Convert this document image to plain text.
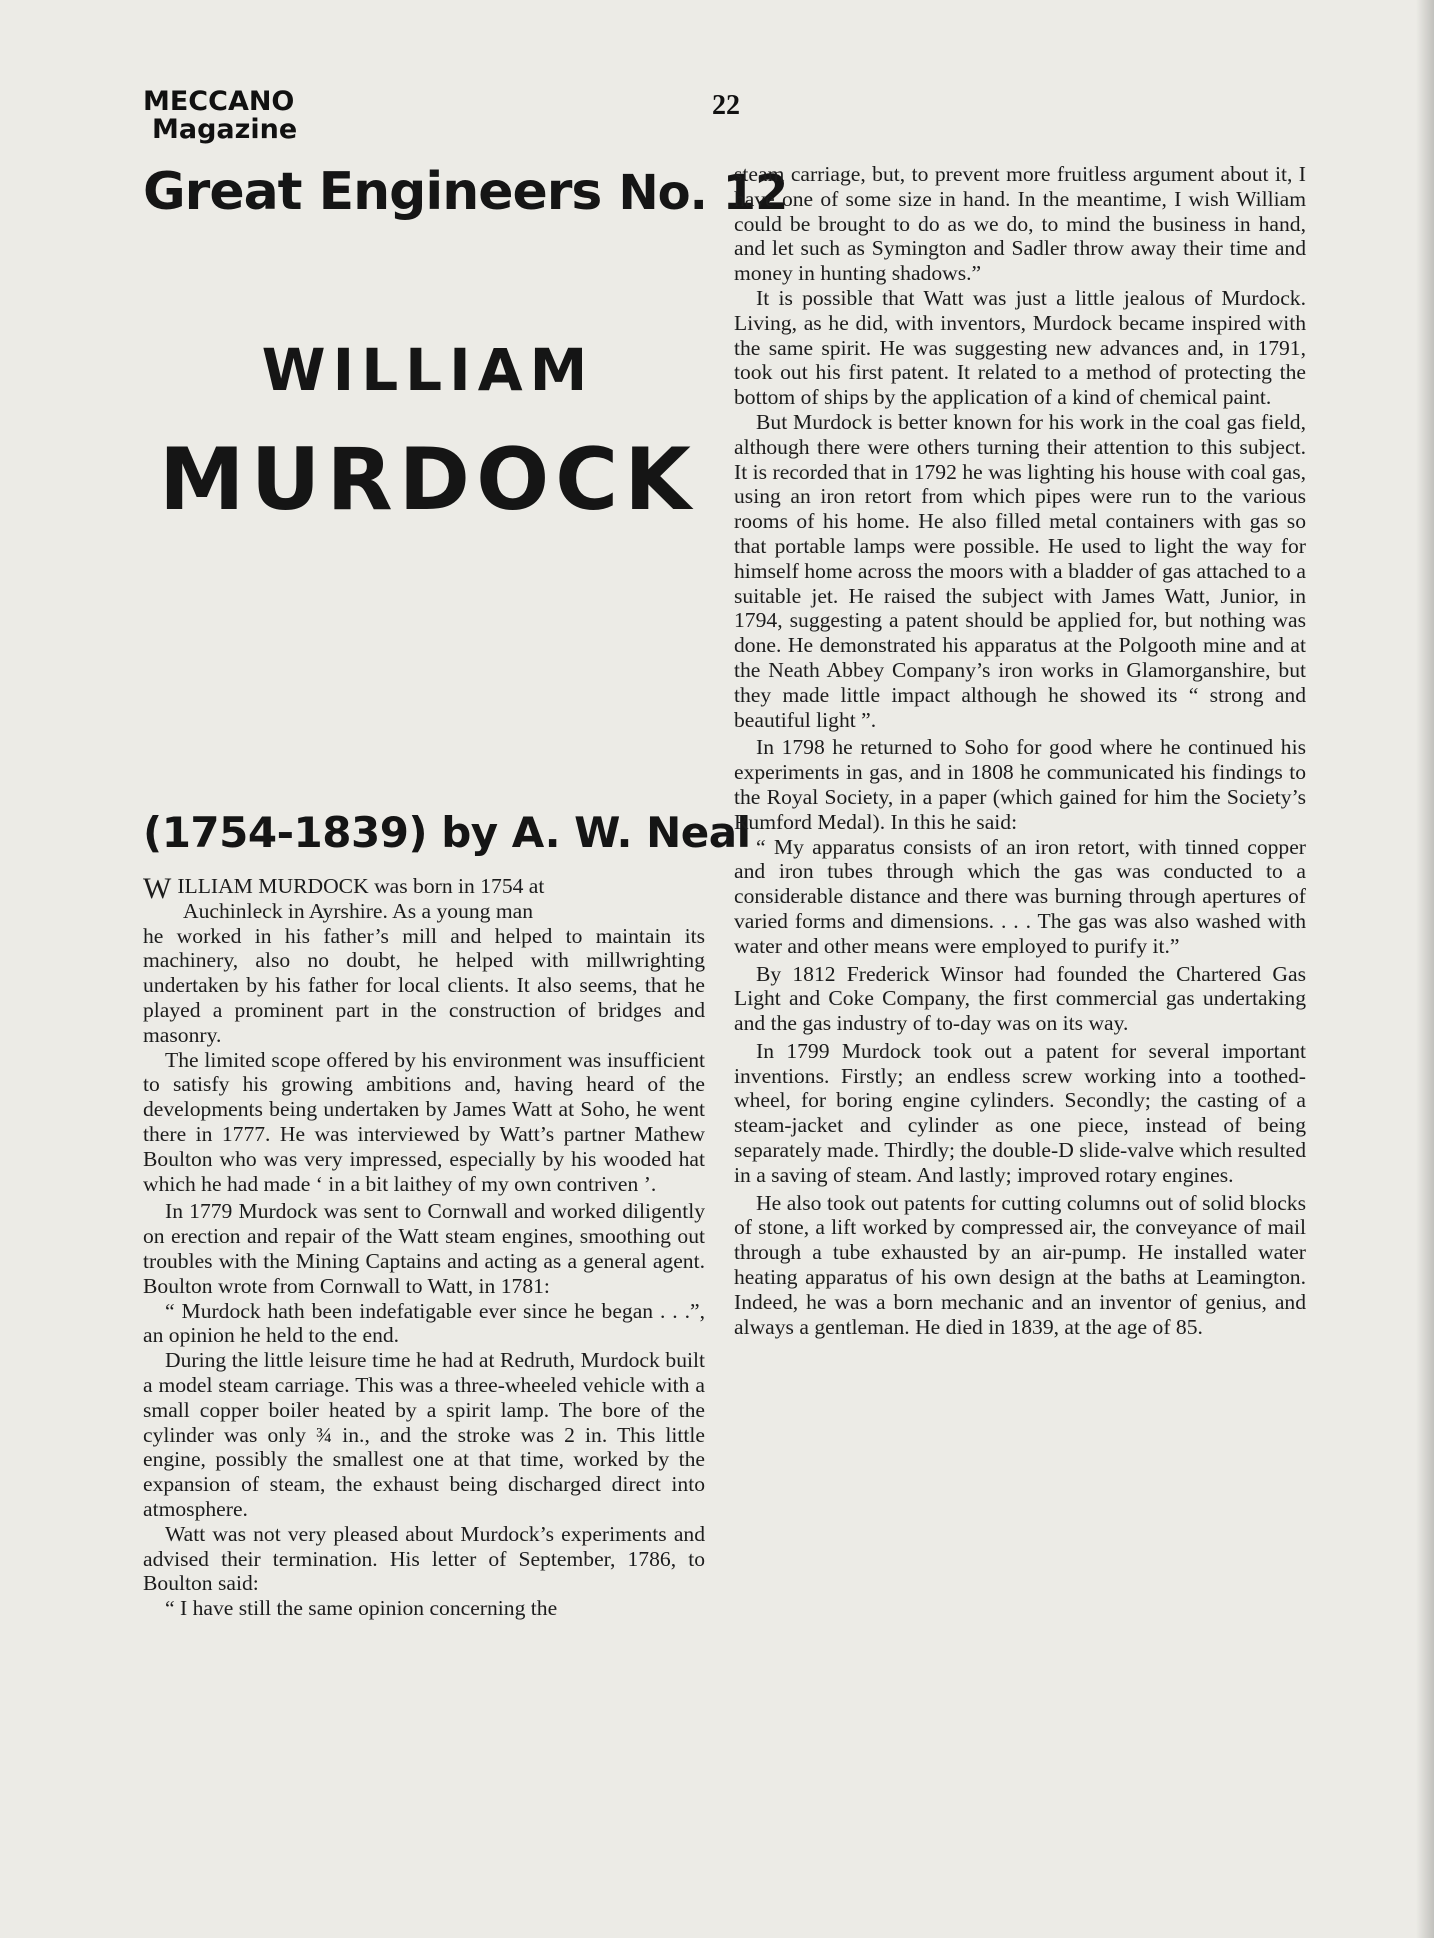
MECCANO
Magazine
22
Great Engineers No. 12
WILLIAM
MURDOCK
(1754-1839) by A. W. Neal

W ILLIAM MURDOCK was born in 1754 at
Auchinleck in Ayrshire. As a young man
he worked in his father’s mill and helped to maintain its machinery, also no doubt, he helped with millwrighting undertaken by his father for local clients. It also seems, that he played a prominent part in the construction of bridges and masonry.

The limited scope offered by his environment was insufficient to satisfy his growing ambitions and, having heard of the developments being undertaken by James Watt at Soho, he went there in 1777. He was interviewed by Watt’s partner Mathew Boulton who was very impressed, especially by his wooded hat which he had made ‘ in a bit laithey of my own contriven ’.

In 1779 Murdock was sent to Cornwall and worked diligently on erection and repair of the Watt steam engines, smoothing out troubles with the Mining Captains and acting as a general agent. Boulton wrote from Cornwall to Watt, in 1781:

“ Murdock hath been indefatigable ever since he began . . .”, an opinion he held to the end.

During the little leisure time he had at Redruth, Murdock built a model steam carriage. This was a three-wheeled vehicle with a small copper boiler heated by a spirit lamp. The bore of the cylinder was only ¾ in., and the stroke was 2 in. This little engine, possibly the smallest one at that time, worked by the expansion of steam, the exhaust being discharged direct into atmosphere.

Watt was not very pleased about Murdock’s experiments and advised their termination. His letter of September, 1786, to Boulton said:

“ I have still the same opinion concerning the

steam carriage, but, to prevent more fruitless argument about it, I have one of some size in hand. In the meantime, I wish William could be brought to do as we do, to mind the business in hand, and let such as Symington and Sadler throw away their time and money in hunting shadows.”

It is possible that Watt was just a little jealous of Murdock. Living, as he did, with inventors, Murdock became inspired with the same spirit. He was suggesting new advances and, in 1791, took out his first patent. It related to a method of protecting the bottom of ships by the application of a kind of chemical paint.

But Murdock is better known for his work in the coal gas field, although there were others turning their attention to this subject. It is recorded that in 1792 he was lighting his house with coal gas, using an iron retort from which pipes were run to the various rooms of his home. He also filled metal containers with gas so that portable lamps were possible. He used to light the way for himself home across the moors with a bladder of gas attached to a suitable jet. He raised the subject with James Watt, Junior, in 1794, suggesting a patent should be applied for, but nothing was done. He demonstrated his apparatus at the Polgooth mine and at the Neath Abbey Company’s iron works in Glamorganshire, but they made little impact although he showed its “ strong and beautiful light ”.

In 1798 he returned to Soho for good where he continued his experiments in gas, and in 1808 he communicated his findings to the Royal Society, in a paper (which gained for him the Society’s Rumford Medal). In this he said:

“ My apparatus consists of an iron retort, with tinned copper and iron tubes through which the gas was conducted to a considerable distance and there was burning through apertures of varied forms and dimensions. . . . The gas was also washed with water and other means were employed to purify it.”

By 1812 Frederick Winsor had founded the Chartered Gas Light and Coke Company, the first commercial gas undertaking and the gas industry of to-day was on its way.

In 1799 Murdock took out a patent for several important inventions. Firstly; an endless screw working into a toothed-wheel, for boring engine cylinders. Secondly; the casting of a steam-jacket and cylinder as one piece, instead of being separately made. Thirdly; the double-D slide-valve which resulted in a saving of steam. And lastly; improved rotary engines.

He also took out patents for cutting columns out of solid blocks of stone, a lift worked by compressed air, the conveyance of mail through a tube exhausted by an air-pump. He installed water heating apparatus of his own design at the baths at Leamington. Indeed, he was a born mechanic and an inventor of genius, and always a gentleman. He died in 1839, at the age of 85.
